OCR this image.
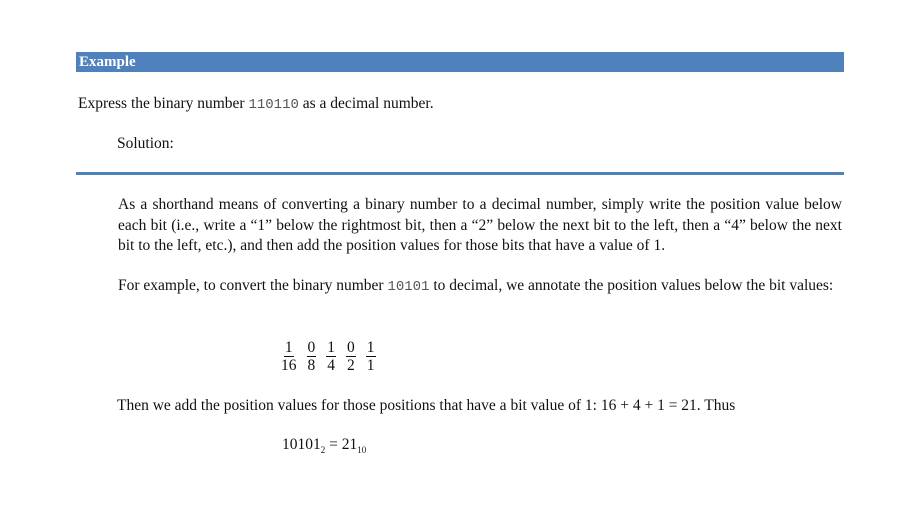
Example
Express the binary number 110110 as a decimal number.
Solution:
As a shorthand means of converting a binary number to a decimal number, simply write the position value below each bit (i.e., write a “1” below the rightmost bit, then a “2” below the next bit to the left, then a “4” below the next bit to the left, etc.), and then add the position values for those bits that have a value of 1.
For example, to convert the binary number 10101 to decimal, we annotate the position values below the bit values:
1
16
0
8
1
4
0
2
1
1
Then we add the position values for those positions that have a bit value of 1: 16 + 4 + 1 = 21. Thus
$10101_2 = 21_{10}$
